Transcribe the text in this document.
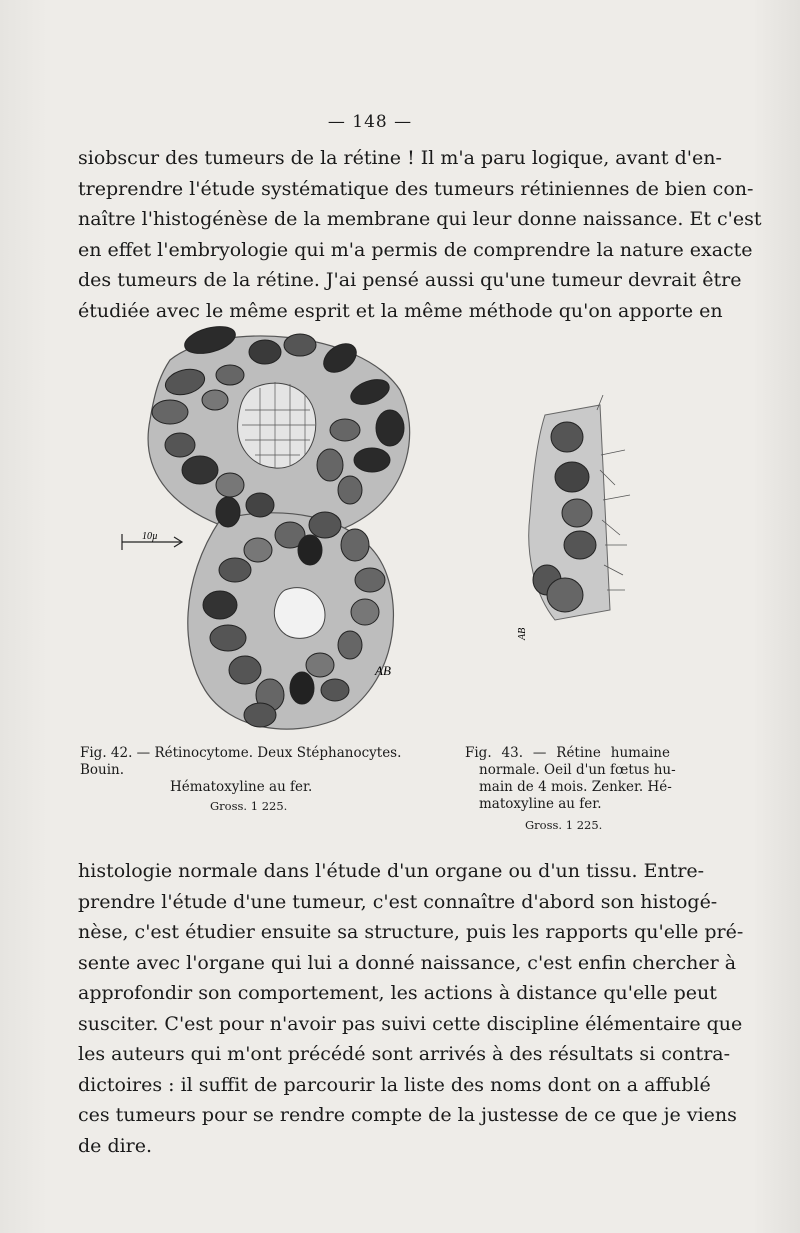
— 148 —
siobscur des tumeurs de la rétine ! Il m'a paru logique, avant d'en-
treprendre l'étude systématique des tumeurs rétiniennes de bien con-
naître l'histogénèse de la membrane qui leur donne naissance. Et c'est
en effet l'embryologie qui m'a permis de comprendre la nature exacte
des tumeurs de la rétine. J'ai pensé aussi qu'une tumeur devrait être
étudiée avec le même esprit et la même méthode qu'on apporte en
10µ
AB
AB
Fig. 42. — Rétinocytome. Deux Stéphanocytes. Bouin.
Hématoxyline au fer.
Gross. 1 225.
Fig. 43. — Rétine humaine
normale. Oeil d'un fœtus hu-
main de 4 mois. Zenker. Hé-
matoxyline au fer.
Gross. 1 225.
histologie normale dans l'étude d'un organe ou d'un tissu. Entre-
prendre l'étude d'une tumeur, c'est connaître d'abord son histogé-
nèse, c'est étudier ensuite sa structure, puis les rapports qu'elle pré-
sente avec l'organe qui lui a donné naissance, c'est enfin chercher à
approfondir son comportement, les actions à distance qu'elle peut
susciter. C'est pour n'avoir pas suivi cette discipline élémentaire que
les auteurs qui m'ont précédé sont arrivés à des résultats si contra-
dictoires : il suffit de parcourir la liste des noms dont on a affublé
ces tumeurs pour se rendre compte de la justesse de ce que je viens
de dire.
